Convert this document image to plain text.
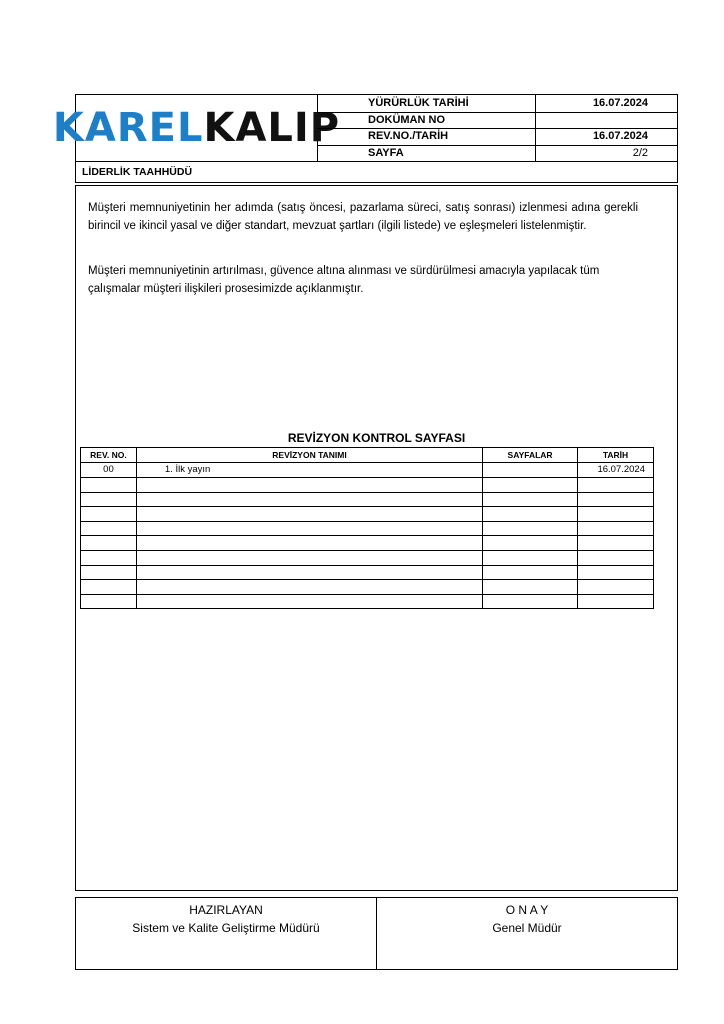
KARELKALIP
YÜRÜRLÜK TARİHİ	16.07.2024
DOKÜMAN NO
REV.NO./TARİH	16.07.2024
SAYFA	2/2
LİDERLİK TAAHHÜDÜ
Müşteri memnuniyetinin her adımda (satış öncesi, pazarlama süreci, satış sonrası) izlenmesi adına gerekli birincil ve ikincil yasal ve diğer standart, mevzuat şartları (ilgili listede) ve eşleşmeleri listelenmiştir.
Müşteri memnuniyetinin artırılması, güvence altına alınması ve sürdürülmesi amacıyla yapılacak tüm çalışmalar müşteri ilişkileri prosesimizde açıklanmıştır.
REVİZYON KONTROL SAYFASI
REV. NO.	REVİZYON TANIMI	SAYFALAR	TARİH
00	1. İlk yayın		16.07.2024

HAZIRLAYAN
Sistem ve Kalite Geliştirme Müdürü
O N A Y
Genel Müdür
